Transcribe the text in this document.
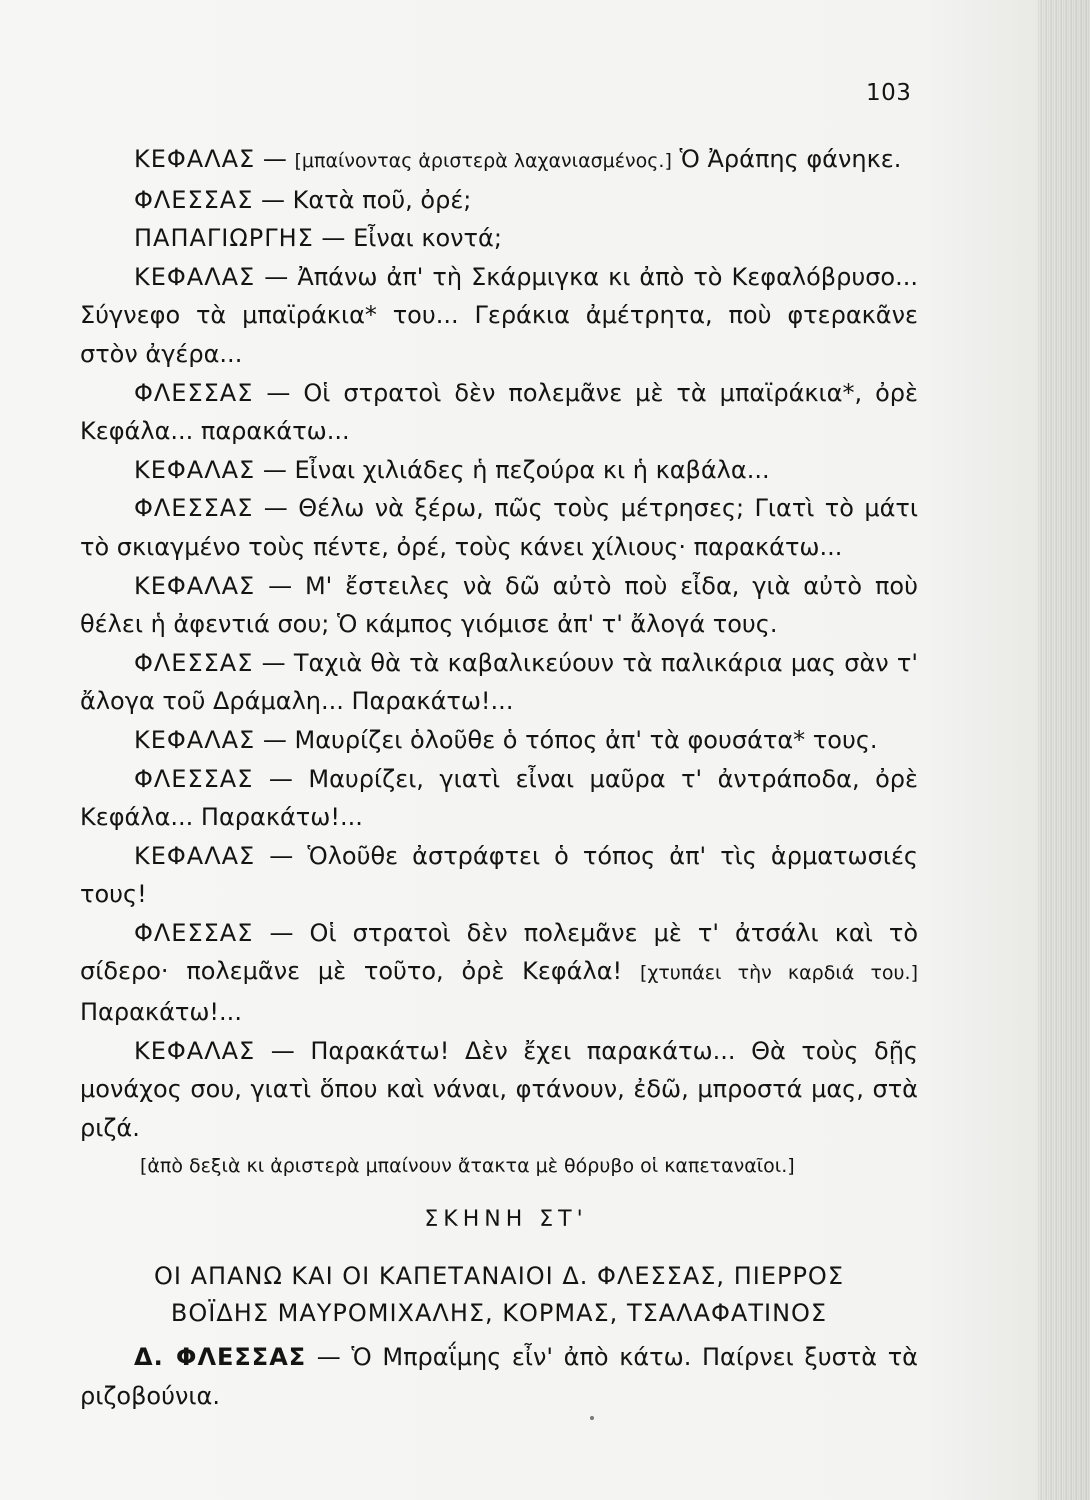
103

ΚΕΦΑΛΑΣ — [μπαίνοντας ἀριστερὰ λαχανιασμένος.] Ὁ Ἀράπης φάνηκε.

ΦΛΕΣΣΑΣ — Κατὰ ποῦ, ὀρέ;

ΠΑΠΑΓΙΩΡΓΗΣ — Εἶναι κοντά;

ΚΕΦΑΛΑΣ — Ἀπάνω ἀπ' τὴ Σκάρμιγκα κι ἀπὸ τὸ Κεφαλόβρυσο... Σύγνεφο τὰ μπαϊράκια* του... Γεράκια ἀμέτρητα, ποὺ φτερακᾶνε στὸν ἀγέρα...

ΦΛΕΣΣΑΣ — Οἱ στρατοὶ δὲν πολεμᾶνε μὲ τὰ μπαϊράκια*, ὀρὲ Κεφάλα... παρακάτω...

ΚΕΦΑΛΑΣ — Εἶναι χιλιάδες ἡ πεζούρα κι ἡ καβάλα...

ΦΛΕΣΣΑΣ — Θέλω νὰ ξέρω, πῶς τοὺς μέτρησες; Γιατὶ τὸ μάτι τὸ σκιαγμένο τοὺς πέντε, ὀρέ, τοὺς κάνει χίλιους· παρακάτω...

ΚΕΦΑΛΑΣ — Μ' ἔστειλες νὰ δῶ αὐτὸ ποὺ εἶδα, γιὰ αὐτὸ ποὺ θέλει ἡ ἀφεντιά σου; Ὁ κάμπος γιόμισε ἀπ' τ' ἄλογά τους.

ΦΛΕΣΣΑΣ — Ταχιὰ θὰ τὰ καβαλικεύουν τὰ παλικάρια μας σὰν τ' ἄλογα τοῦ Δράμαλη... Παρακάτω!...

ΚΕΦΑΛΑΣ — Μαυρίζει ὁλοῦθε ὁ τόπος ἀπ' τὰ φουσάτα* τους.

ΦΛΕΣΣΑΣ — Μαυρίζει, γιατὶ εἶναι μαῦρα τ' ἀντράποδα, ὀρὲ Κεφάλα... Παρακάτω!...

ΚΕΦΑΛΑΣ — Ὁλοῦθε ἀστράφτει ὁ τόπος ἀπ' τὶς ἁρματωσιές τους!

ΦΛΕΣΣΑΣ — Οἱ στρατοὶ δὲν πολεμᾶνε μὲ τ' ἀτσάλι καὶ τὸ σίδερο· πολεμᾶνε μὲ τοῦτο, ὀρὲ Κεφάλα! [χτυπάει τὴν καρδιά του.] Παρακάτω!...

ΚΕΦΑΛΑΣ — Παρακάτω! Δὲν ἔχει παρακάτω... Θὰ τοὺς δῇς μονάχος σου, γιατὶ ὅπου καὶ νάναι, φτάνουν, ἐδῶ, μπροστά μας, στὰ ριζά.

[ἀπὸ δεξιὰ κι ἀριστερὰ μπαίνουν ἄτακτα μὲ θόρυβο οἱ καπεταναῖοι.]

ΣΚΗΝΗ ΣΤ'
ΟΙ ΑΠΑΝΩ ΚΑΙ ΟΙ ΚΑΠΕΤΑΝΑΙΟΙ Δ. ΦΛΕΣΣΑΣ, ΠΙΕΡΡΟΣ
ΒΟΪΔΗΣ ΜΑΥΡΟΜΙΧΑΛΗΣ, ΚΟΡΜΑΣ, ΤΣΑΛΑΦΑΤΙΝΟΣ

Δ. ΦΛΕΣΣΑΣ — Ὁ Μπραΐμης εἶν' ἀπὸ κάτω. Παίρνει ξυστὰ τὰ ριζοβούνια.
